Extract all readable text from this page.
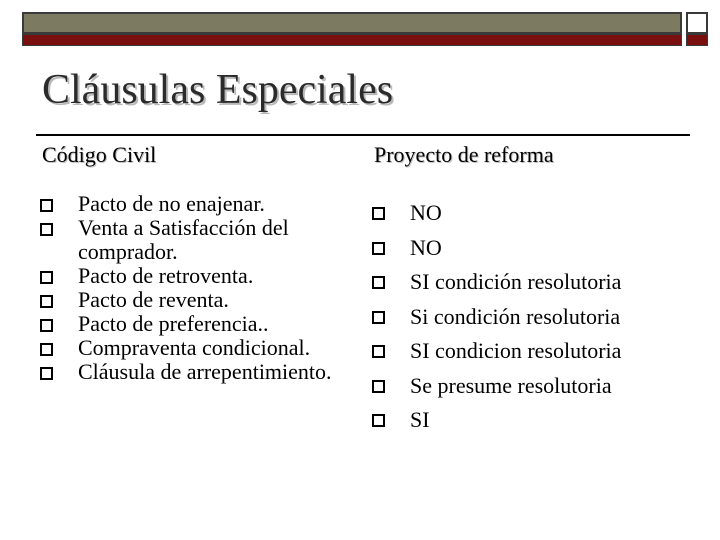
Cláusulas Especiales
Código Civil	Proyecto de reforma
Pacto de no enajenar.
Venta a Satisfacción del comprador.
Pacto de retroventa.
Pacto de reventa.
Pacto de preferencia..
Compraventa condicional.
Cláusula de arrepentimiento.
NO
NO
SI condición resolutoria
Si condición resolutoria
SI condicion resolutoria
Se presume resolutoria
SI
